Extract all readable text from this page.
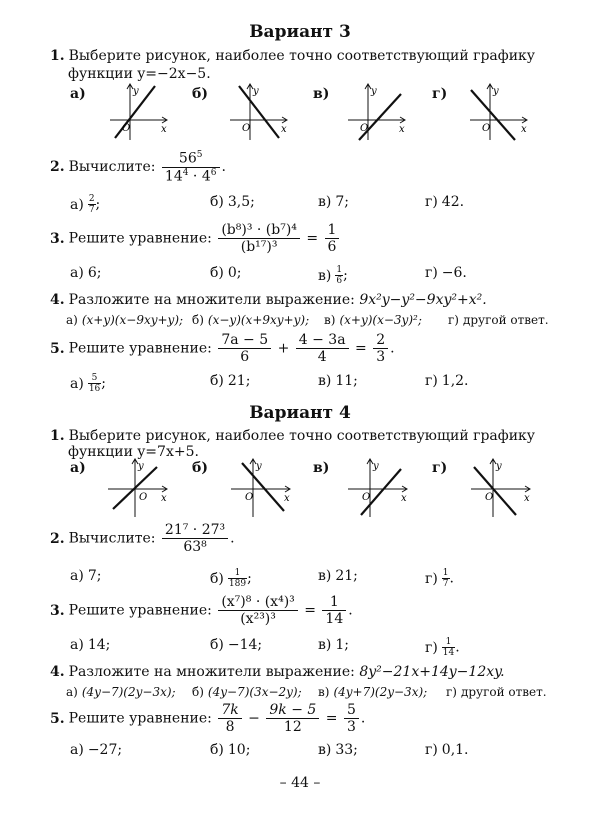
Вариант 3
1. Выберите рисунок, наиболее точно соответствующий графику
функции y=−2x−5.
а)	б)	в)	г)
y
x
O
y
x
O
y
x
O
y
x
O
2. Вычислите: $\frac{56^5}{14^4 \cdot 4^6}$ .
$а) \frac{2}{7}$ ;	б) 3,5;	в) 7;	г) 42.
3. Решите уравнение: $\frac{\text{(b⁸)³ · (b⁷)⁴}}{\text{(b¹⁷)³}} = \frac{1}{6}$
а) 6;	б) 0;	$в) \frac{1}{6}$ ;	г) −6.
4. Разложите на множители выражение: 9x²y−y²−9xy²+x².
а) (x+y)(x−9xy+y); б) (x−y)(x+9xy+y); в) (x+y)(x−3y)²; г) другой ответ.
5. Решите уравнение: $\frac{7a - 5}{6} + \frac{4 - 3a}{4} = \frac{2}{3}$ .
$а) \frac{5}{16}$ ;	б) 21;	в) 11;	г) 1,2.
Вариант 4
1. Выберите рисунок, наиболее точно соответствующий графику
функции y=7x+5.
а)	б)	в)	г)
y
x
O
y
x
O
y
x
O
y
x
O
2. Вычислите: $\frac{\text{21⁷ · 27³}}{\text{63⁸}}$ .
а) 7;	$б) \frac{1}{189}$ ;	в) 21;	$г) \frac{1}{7}$ .
3. Решите уравнение: $\frac{\text{(x⁷)⁸ · (x⁴)³}}{\text{(x²³)³}} = \frac{1}{14}$ .
а) 14;	б) −14;	в) 1;	$г) \frac{1}{14}$ .
4. Разложите на множители выражение: 8y²−21x+14y−12xy.
а) (4y−7)(2y−3x); б) (4y−7)(3x−2y); в) (4y+7)(2y−3x); г) другой ответ.
5. Решите уравнение: $\frac{7k}{8} - \frac{9k - 5}{12} = \frac{5}{3}$ .
а) −27;	б) 10;	в) 33;	г) 0,1.
– 44 –
